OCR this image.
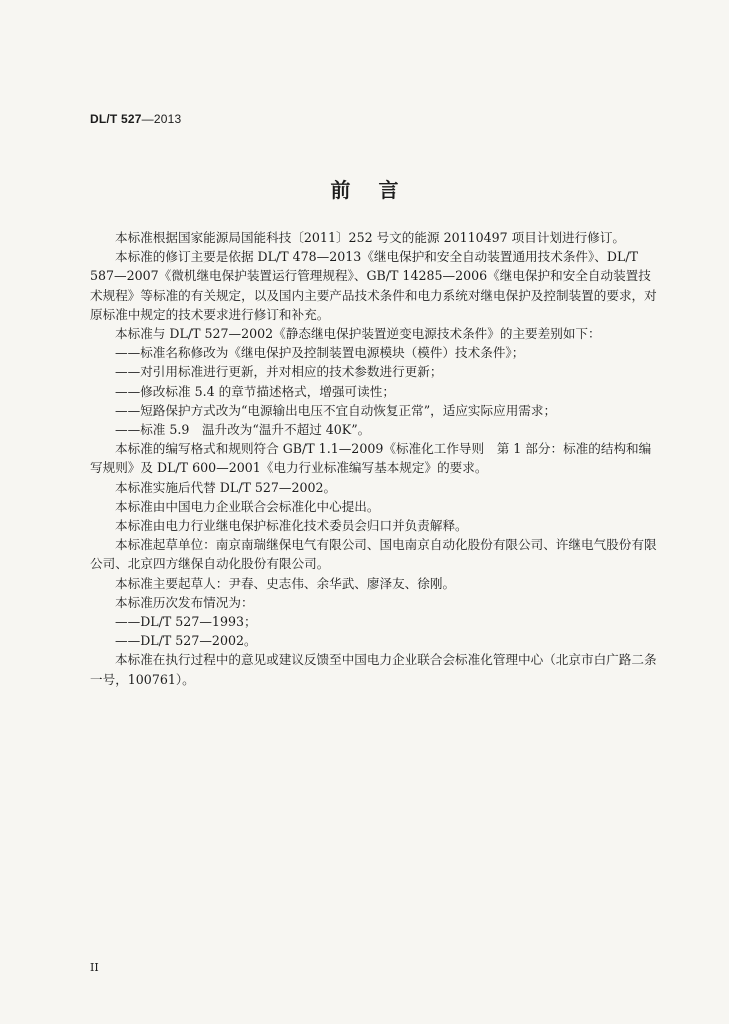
DL/T 527—2013
前言

本标准根据国家能源局国能科技〔2011〕252 号文的能源 20110497 项目计划进行修订。

本标准的修订主要是依据 DL/T 478—2013《继电保护和安全自动装置通用技术条件》、DL/T 587—2007《微机继电保护装置运行管理规程》、GB/T 14285—2006《继电保护和安全自动装置技术规程》等标准的有关规定，以及国内主要产品技术条件和电力系统对继电保护及控制装置的要求，对原标准中规定的技术要求进行修订和补充。

本标准与 DL/T 527—2002《静态继电保护装置逆变电源技术条件》的主要差别如下：

——标准名称修改为《继电保护及控制装置电源模块（模件）技术条件》；

——对引用标准进行更新，并对相应的技术参数进行更新；

——修改标准 5.4 的章节描述格式，增强可读性；

——短路保护方式改为“电源输出电压不宜自动恢复正常”，适应实际应用需求；

——标准 5.9　温升改为“温升不超过 40K”。

本标准的编写格式和规则符合 GB/T 1.1—2009《标准化工作导则　第 1 部分：标准的结构和编写规则》及 DL/T 600—2001《电力行业标准编写基本规定》的要求。

本标准实施后代替 DL/T 527—2002。

本标准由中国电力企业联合会标准化中心提出。

本标准由电力行业继电保护标准化技术委员会归口并负责解释。

本标准起草单位：南京南瑞继保电气有限公司、国电南京自动化股份有限公司、许继电气股份有限公司、北京四方继保自动化股份有限公司。

本标准主要起草人：尹春、史志伟、余华武、廖泽友、徐刚。

本标准历次发布情况为：

——DL/T 527—1993；

——DL/T 527—2002。

本标准在执行过程中的意见或建议反馈至中国电力企业联合会标准化管理中心（北京市白广路二条一号，100761）。

II
